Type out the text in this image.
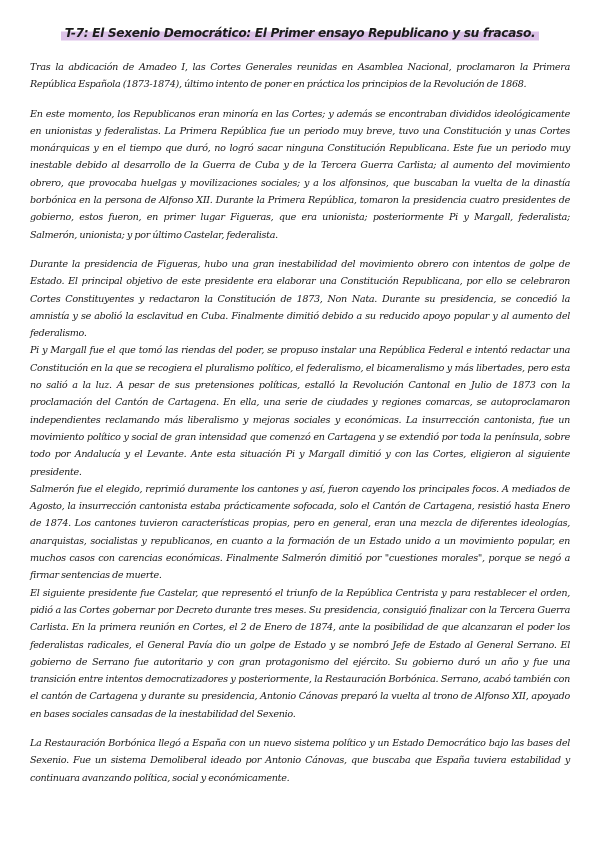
T-7: El Sexenio Democrático: El Primer ensayo Republicano y su fracaso.

Tras la abdicación de Amadeo I, las Cortes Generales reunidas en Asamblea Nacional, proclamaron la Primera República Española (1873-1874), último intento de poner en práctica los principios de la Revolución de 1868.

En este momento, los Republicanos eran minoría en las Cortes; y además se encontraban divididos ideológicamente en unionistas y federalistas. La Primera República fue un periodo muy breve, tuvo una Constitución y unas Cortes monárquicas y en el tiempo que duró, no logró sacar ninguna Constitución Republicana. Este fue un periodo muy inestable debido al desarrollo de la Guerra de Cuba y de la Tercera Guerra Carlista; al aumento del movimiento obrero, que provocaba huelgas y movilizaciones sociales; y a los alfonsinos, que buscaban la vuelta de la dinastía borbónica en la persona de Alfonso XII. Durante la Primera República, tomaron la presidencia cuatro presidentes de gobierno, estos fueron, en primer lugar Figueras, que era unionista; posteriormente Pi y Margall, federalista; Salmerón, unionista; y por último Castelar, federalista.

Durante la presidencia de Figueras, hubo una gran inestabilidad del movimiento obrero con intentos de golpe de Estado. El principal objetivo de este presidente era elaborar una Constitución Republicana, por ello se celebraron Cortes Constituyentes y redactaron la Constitución de 1873, Non Nata. Durante su presidencia, se concedió la amnistía y se abolió la esclavitud en Cuba. Finalmente dimitió debido a su reducido apoyo popular y al aumento del federalismo.

Pi y Margall fue el que tomó las riendas del poder, se propuso instalar una República Federal e intentó redactar una Constitución en la que se recogiera el pluralismo político, el federalismo, el bicameralismo y más libertades, pero esta no salió a la luz. A pesar de sus pretensiones políticas, estalló la Revolución Cantonal en Julio de 1873 con la proclamación del Cantón de Cartagena. En ella, una serie de ciudades y regiones comarcas, se autoproclamaron independientes reclamando más liberalismo y mejoras sociales y económicas. La insurrección cantonista, fue un movimiento político y social de gran intensidad que comenzó en Cartagena y se extendió por toda la península, sobre todo por Andalucía y el Levante. Ante esta situación Pi y Margall dimitió y con las Cortes, eligieron al siguiente presidente.

Salmerón fue el elegido, reprimió duramente los cantones y así, fueron cayendo los principales focos. A mediados de Agosto, la insurrección cantonista estaba prácticamente sofocada, solo el Cantón de Cartagena, resistió hasta Enero de 1874. Los cantones tuvieron características propias, pero en general, eran una mezcla de diferentes ideologías, anarquistas, socialistas y republicanos, en cuanto a la formación de un Estado unido a un movimiento popular, en muchos casos con carencias económicas. Finalmente Salmerón dimitió por "cuestiones morales", porque se negó a firmar sentencias de muerte.

El siguiente presidente fue Castelar, que representó el triunfo de la República Centrista y para restablecer el orden, pidió a las Cortes gobernar por Decreto durante tres meses. Su presidencia, consiguió finalizar con la Tercera Guerra Carlista. En la primera reunión en Cortes, el 2 de Enero de 1874, ante la posibilidad de que alcanzaran el poder los federalistas radicales, el General Pavía dio un golpe de Estado y se nombró Jefe de Estado al General Serrano. El gobierno de Serrano fue autoritario y con gran protagonismo del ejército. Su gobierno duró un año y fue una transición entre intentos democratizadores y posteriormente, la Restauración Borbónica. Serrano, acabó también con el cantón de Cartagena y durante su presidencia, Antonio Cánovas preparó la vuelta al trono de Alfonso XII, apoyado en bases sociales cansadas de la inestabilidad del Sexenio.

La Restauración Borbónica llegó a España con un nuevo sistema político y un Estado Democrático bajo las bases del Sexenio. Fue un sistema Demoliberal ideado por Antonio Cánovas, que buscaba que España tuviera estabilidad y continuara avanzando política, social y económicamente.
